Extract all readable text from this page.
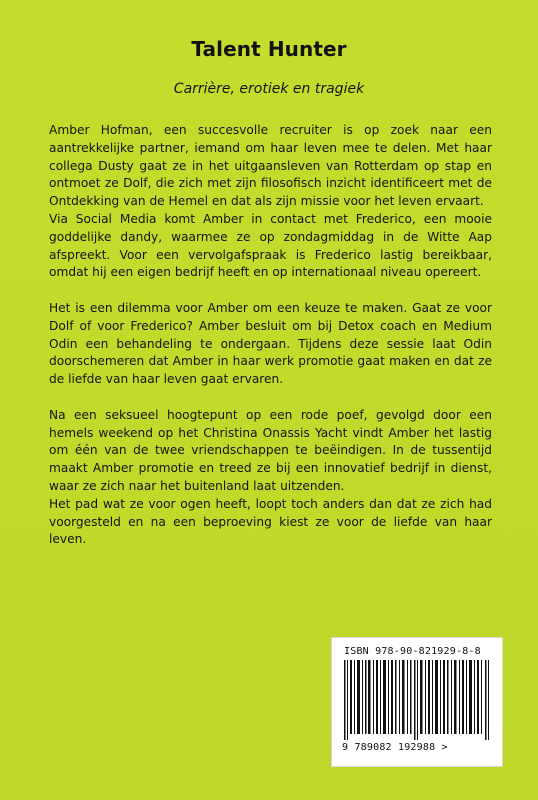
Talent Hunter
Carrière, erotiek en tragiek

Amber Hofman, een succesvolle recruiter is op zoek naar een aantrekkelijke partner, iemand om haar leven mee te delen. Met haar collega Dusty gaat ze in het uitgaansleven van Rotterdam op stap en ontmoet ze Dolf, die zich met zijn filosofisch inzicht identificeert met de Ontdekking van de Hemel en dat als zijn missie voor het leven ervaart.

Via Social Media komt Amber in contact met Frederico, een mooie goddelijke dandy, waarmee ze op zondagmiddag in de Witte Aap afspreekt. Voor een vervolgafspraak is Frederico lastig bereikbaar, omdat hij een eigen bedrijf heeft en op internationaal niveau opereert.

Het is een dilemma voor Amber om een keuze te maken. Gaat ze voor Dolf of voor Frederico? Amber besluit om bij Detox coach en Medium Odin een behandeling te ondergaan. Tijdens deze sessie laat Odin doorschemeren dat Amber in haar werk promotie gaat maken en dat ze de liefde van haar leven gaat ervaren.

Na een seksueel hoogtepunt op een rode poef, gevolgd door een hemels weekend op het Christina Onassis Yacht vindt Amber het lastig om één van de twee vriendschappen te beëindigen. In de tussentijd maakt Amber promotie en treed ze bij een innovatief bedrijf in dienst, waar ze zich naar het buitenland laat uitzenden.

Het pad wat ze voor ogen heeft, loopt toch anders dan dat ze zich had voorgesteld en na een beproeving kiest ze voor de liefde van haar leven.

ISBN 978-90-821929-8-8
9 789082 192988 >
